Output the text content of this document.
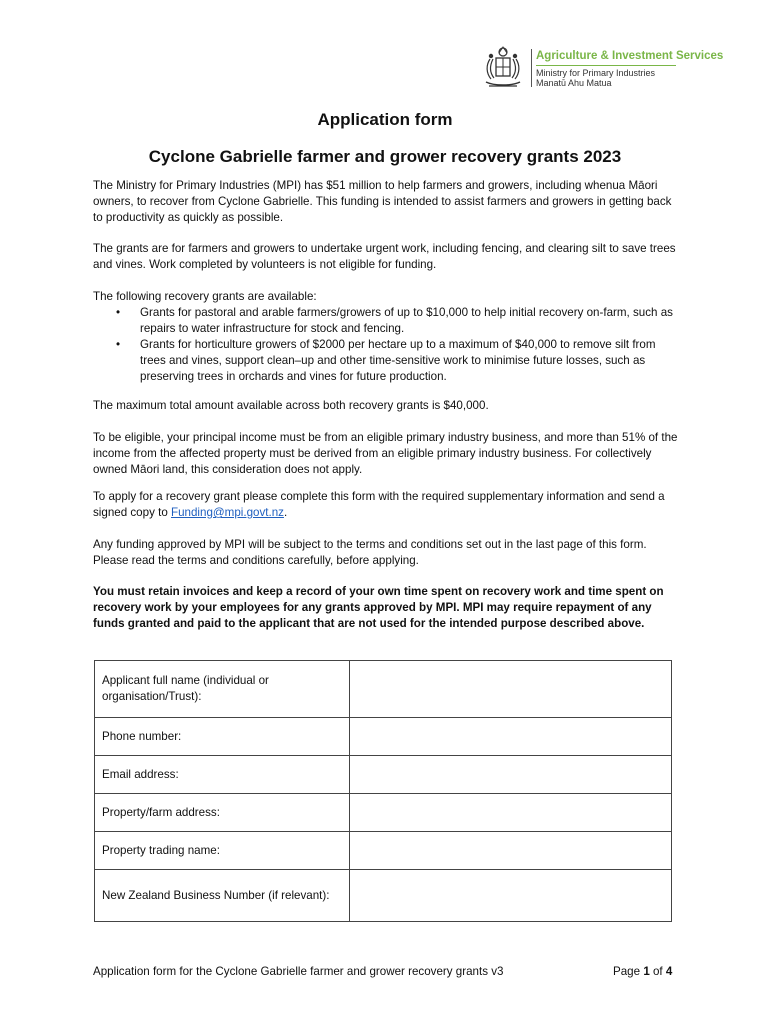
Agriculture & Investment Services
Ministry for Primary Industries
Manatū Ahu Matua
Application form
Cyclone Gabrielle farmer and grower recovery grants 2023

The Ministry for Primary Industries (MPI) has $51 million to help farmers and growers, including whenua Māori owners, to recover from Cyclone Gabrielle. This funding is intended to assist farmers and growers in getting back to productivity as quickly as possible.

The grants are for farmers and growers to undertake urgent work, including fencing, and clearing silt to save trees and vines. Work completed by volunteers is not eligible for funding.

The following recovery grants are available:

• Grants for pastoral and arable farmers/growers of up to $10,000 to help initial recovery on-farm, such as repairs to water infrastructure for stock and fencing.
• Grants for horticulture growers of $2000 per hectare up to a maximum of $40,000 to remove silt from trees and vines, support clean–up and other time-sensitive work to minimise future losses, such as preserving trees in orchards and vines for future production.

The maximum total amount available across both recovery grants is $40,000.

To be eligible, your principal income must be from an eligible primary industry business, and more than 51% of the income from the affected property must be derived from an eligible primary industry business. For collectively owned Māori land, this consideration does not apply.

To apply for a recovery grant please complete this form with the required supplementary information and send a signed copy to Funding@mpi.govt.nz.

Any funding approved by MPI will be subject to the terms and conditions set out in the last page of this form. Please read the terms and conditions carefully, before applying.

You must retain invoices and keep a record of your own time spent on recovery work and time spent on recovery work by your employees for any grants approved by MPI. MPI may require repayment of any funds granted and paid to the applicant that are not used for the intended purpose described above.

Applicant full name (individual or organisation/Trust):	
Phone number:	
Email address:	
Property/farm address:	
Property trading name:	
New Zealand Business Number (if relevant):	
Application form for the Cyclone Gabrielle farmer and grower recovery grants v3	Page 1 of 4
